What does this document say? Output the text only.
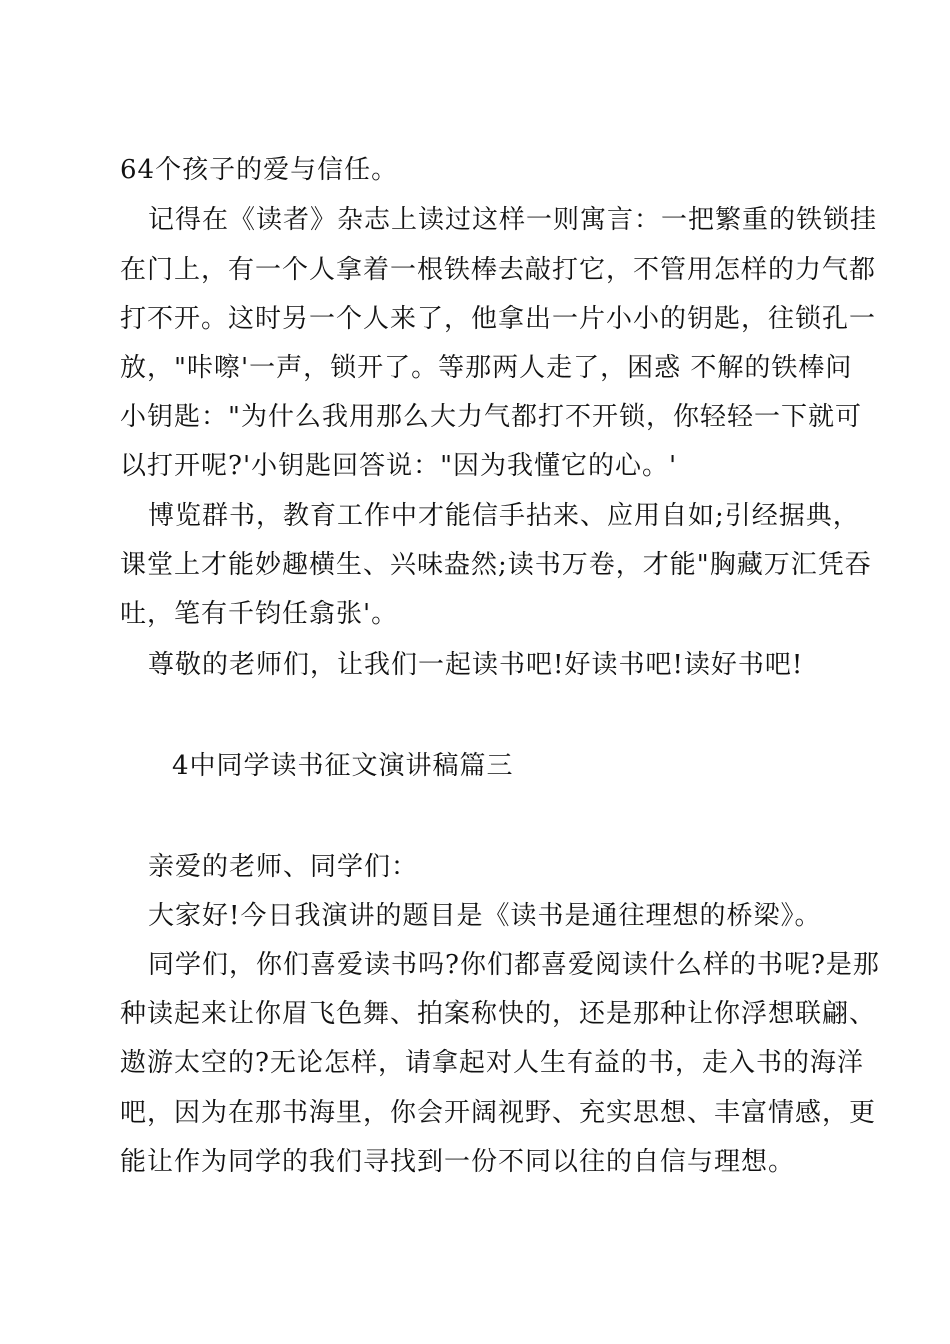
64个孩子的爱与信任。
记得在《读者》杂志上读过这样一则寓言：一把繁重的铁锁挂
在门上，有一个人拿着一根铁棒去敲打它，不管用怎样的力气都
打不开。这时另一个人来了，他拿出一片小小的钥匙，往锁孔一
放，"咔嚓'一声，锁开了。等那两人走了，困惑 不解的铁棒问
小钥匙："为什么我用那么大力气都打不开锁，你轻轻一下就可
以打开呢?'小钥匙回答说："因为我懂它的心。'
博览群书，教育工作中才能信手拈来、应用自如;引经据典，
课堂上才能妙趣横生、兴味盎然;读书万卷，才能"胸藏万汇凭吞
吐，笔有千钧任翕张'。
尊敬的老师们，让我们一起读书吧!好读书吧!读好书吧!
4中同学读书征文演讲稿篇三
亲爱的老师、同学们：
大家好!今日我演讲的题目是《读书是通往理想的桥梁》。
同学们，你们喜爱读书吗?你们都喜爱阅读什么样的书呢?是那
种读起来让你眉飞色舞、拍案称快的，还是那种让你浮想联翩、
遨游太空的?无论怎样，请拿起对人生有益的书，走入书的海洋
吧，因为在那书海里，你会开阔视野、充实思想、丰富情感，更
能让作为同学的我们寻找到一份不同以往的自信与理想。
